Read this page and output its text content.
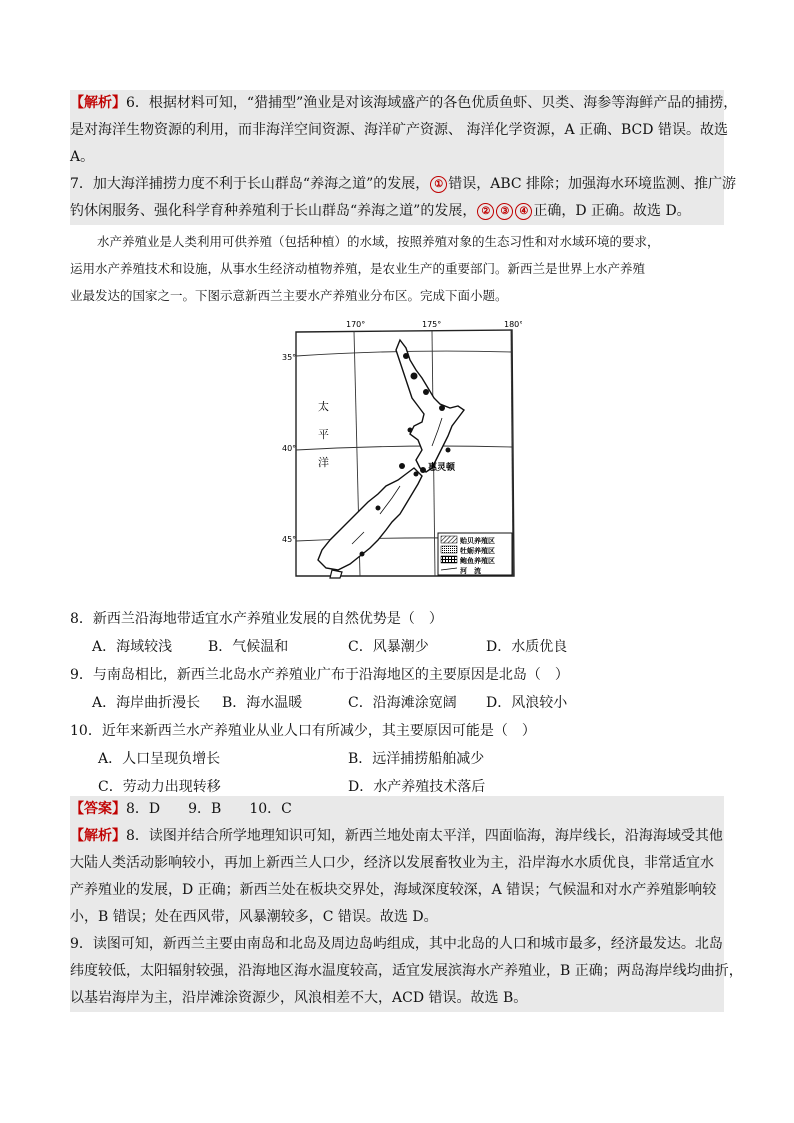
【解析】6．根据材料可知，“猎捕型”渔业是对该海域盛产的各色优质鱼虾、贝类、海参等海鲜产品的捕捞，
是对海洋生物资源的利用，而非海洋空间资源、海洋矿产资源、 海洋化学资源，A 正确、BCD 错误。故选
A。
7．加大海洋捕捞力度不利于长山群岛“养海之道”的发展， ① 错误，ABC 排除；加强海水环境监测、推广游
钓休闲服务、强化科学育种养殖利于长山群岛“养海之道”的发展， ② ③ ④ 正确，D 正确。故选 D。
水产养殖业是人类利用可供养殖（包括种植）的水域，按照养殖对象的生态习性和对水域环境的要求，
运用水产养殖技术和设施，从事水生经济动植物养殖，是农业生产的重要部门。新西兰是世界上水产养殖
业最发达的国家之一。下图示意新西兰主要水产养殖业分布区。完成下面小题。
170°	175°	180°
35°
40°
45°
惠灵顿
太
平
洋
贻贝养殖区
牡蛎养殖区
鲍鱼养殖区
河　流
8．新西兰沿海地带适宜水产养殖业发展的自然优势是（　）
A．海域较浅	B．气候温和	C．风暴潮少	D．水质优良
9．与南岛相比，新西兰北岛水产养殖业广布于沿海地区的主要原因是北岛（　）
A．海岸曲折漫长 B．海水温暖	C．沿海滩涂宽阔 D．风浪较小
10．近年来新西兰水产养殖业从业人口有所减少，其主要原因可能是（　）
A．人口呈现负增长	B．远洋捕捞船舶减少
C．劳动力出现转移	D．水产养殖技术落后
【答案】8．D　　9．B　　10．C
【解析】8．读图并结合所学地理知识可知，新西兰地处南太平洋，四面临海，海岸线长，沿海海域受其他
大陆人类活动影响较小，再加上新西兰人口少，经济以发展畜牧业为主，沿岸海水水质优良，非常适宜水
产养殖业的发展，D 正确；新西兰处在板块交界处，海域深度较深，A 错误；气候温和对水产养殖影响较
小，B 错误；处在西风带，风暴潮较多，C 错误。故选 D。
9．读图可知，新西兰主要由南岛和北岛及周边岛屿组成，其中北岛的人口和城市最多，经济最发达。北岛
纬度较低，太阳辐射较强，沿海地区海水温度较高，适宜发展滨海水产养殖业，B 正确；两岛海岸线均曲折，
以基岩海岸为主，沿岸滩涂资源少，风浪相差不大，ACD 错误。故选 B。
